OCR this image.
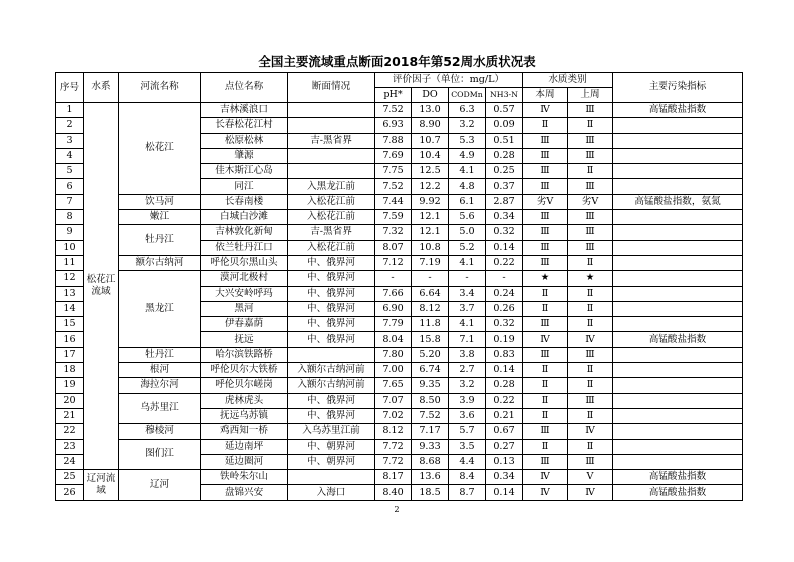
全国主要流域重点断面2018年第52周水质状况表
序号	水系	河流名称	点位名称	断面情况	评价因子（单位：mg/L）				水质类别		主要污染指标
					pH*	DO	CODMn	NH3-N	本周	上周	
1	松花江流域	松花江	吉林溪浪口		7.52	13.0	6.3	0.57	Ⅳ	Ⅲ	高锰酸盐指数
2			长春松花江村		6.93	8.90	3.2	0.09	Ⅱ	Ⅱ	
3			松原松林	吉-黑省界	7.88	10.7	5.3	0.51	Ⅲ	Ⅲ	
4			肇源		7.69	10.4	4.9	0.28	Ⅲ	Ⅲ	
5			佳木斯江心岛		7.75	12.5	4.1	0.25	Ⅲ	Ⅱ	
6			同江	入黑龙江前	7.52	12.2	4.8	0.37	Ⅲ	Ⅲ	
7		饮马河	长春南楼	入松花江前	7.44	9.92	6.1	2.87	劣Ⅴ	劣Ⅴ	高锰酸盐指数，氨氮
8		嫩江	白城白沙滩	入松花江前	7.59	12.1	5.6	0.34	Ⅲ	Ⅲ	
9		牡丹江	吉林敦化新甸	吉-黑省界	7.32	12.1	5.0	0.32	Ⅲ	Ⅲ	
10			依兰牡丹江口	入松花江前	8.07	10.8	5.2	0.14	Ⅲ	Ⅲ	
11		额尔古纳河	呼伦贝尔黑山头	中、俄界河	7.12	7.19	4.1	0.22	Ⅲ	Ⅱ	
12		黑龙江	漠河北极村	中、俄界河	-	-	-	-	★	★	
13			大兴安岭呼玛	中、俄界河	7.66	6.64	3.4	0.24	Ⅱ	Ⅱ	
14			黑河	中、俄界河	6.90	8.12	3.7	0.26	Ⅱ	Ⅱ	
15			伊春嘉荫	中、俄界河	7.79	11.8	4.1	0.32	Ⅲ	Ⅱ	
16			抚远	中、俄界河	8.04	15.8	7.1	0.19	Ⅳ	Ⅳ	高锰酸盐指数
17		牡丹江	哈尔滨铁路桥		7.80	5.20	3.8	0.83	Ⅲ	Ⅲ	
18		根河	呼伦贝尔大铁桥	入额尔古纳河前	7.00	6.74	2.7	0.14	Ⅱ	Ⅱ	
19		海拉尔河	呼伦贝尔嵯岗	入额尔古纳河前	7.65	9.35	3.2	0.28	Ⅱ	Ⅱ	
20		乌苏里江	虎林虎头	中、俄界河	7.07	8.50	3.9	0.22	Ⅱ	Ⅲ	
21			抚远乌苏镇	中、俄界河	7.02	7.52	3.6	0.21	Ⅱ	Ⅱ	
22		穆棱河	鸡西知一桥	入乌苏里江前	8.12	7.17	5.7	0.67	Ⅲ	Ⅳ	
23		图们江	延边南坪	中、朝界河	7.72	9.33	3.5	0.27	Ⅱ	Ⅱ	
24			延边圈河	中、朝界河	7.72	8.68	4.4	0.13	Ⅲ	Ⅲ	
25	辽河流域	辽河	铁岭朱尔山		8.17	13.6	8.4	0.34	Ⅳ	Ⅴ	高锰酸盐指数
26			盘锦兴安	入海口	8.40	18.5	8.7	0.14	Ⅳ	Ⅳ	高锰酸盐指数
2
